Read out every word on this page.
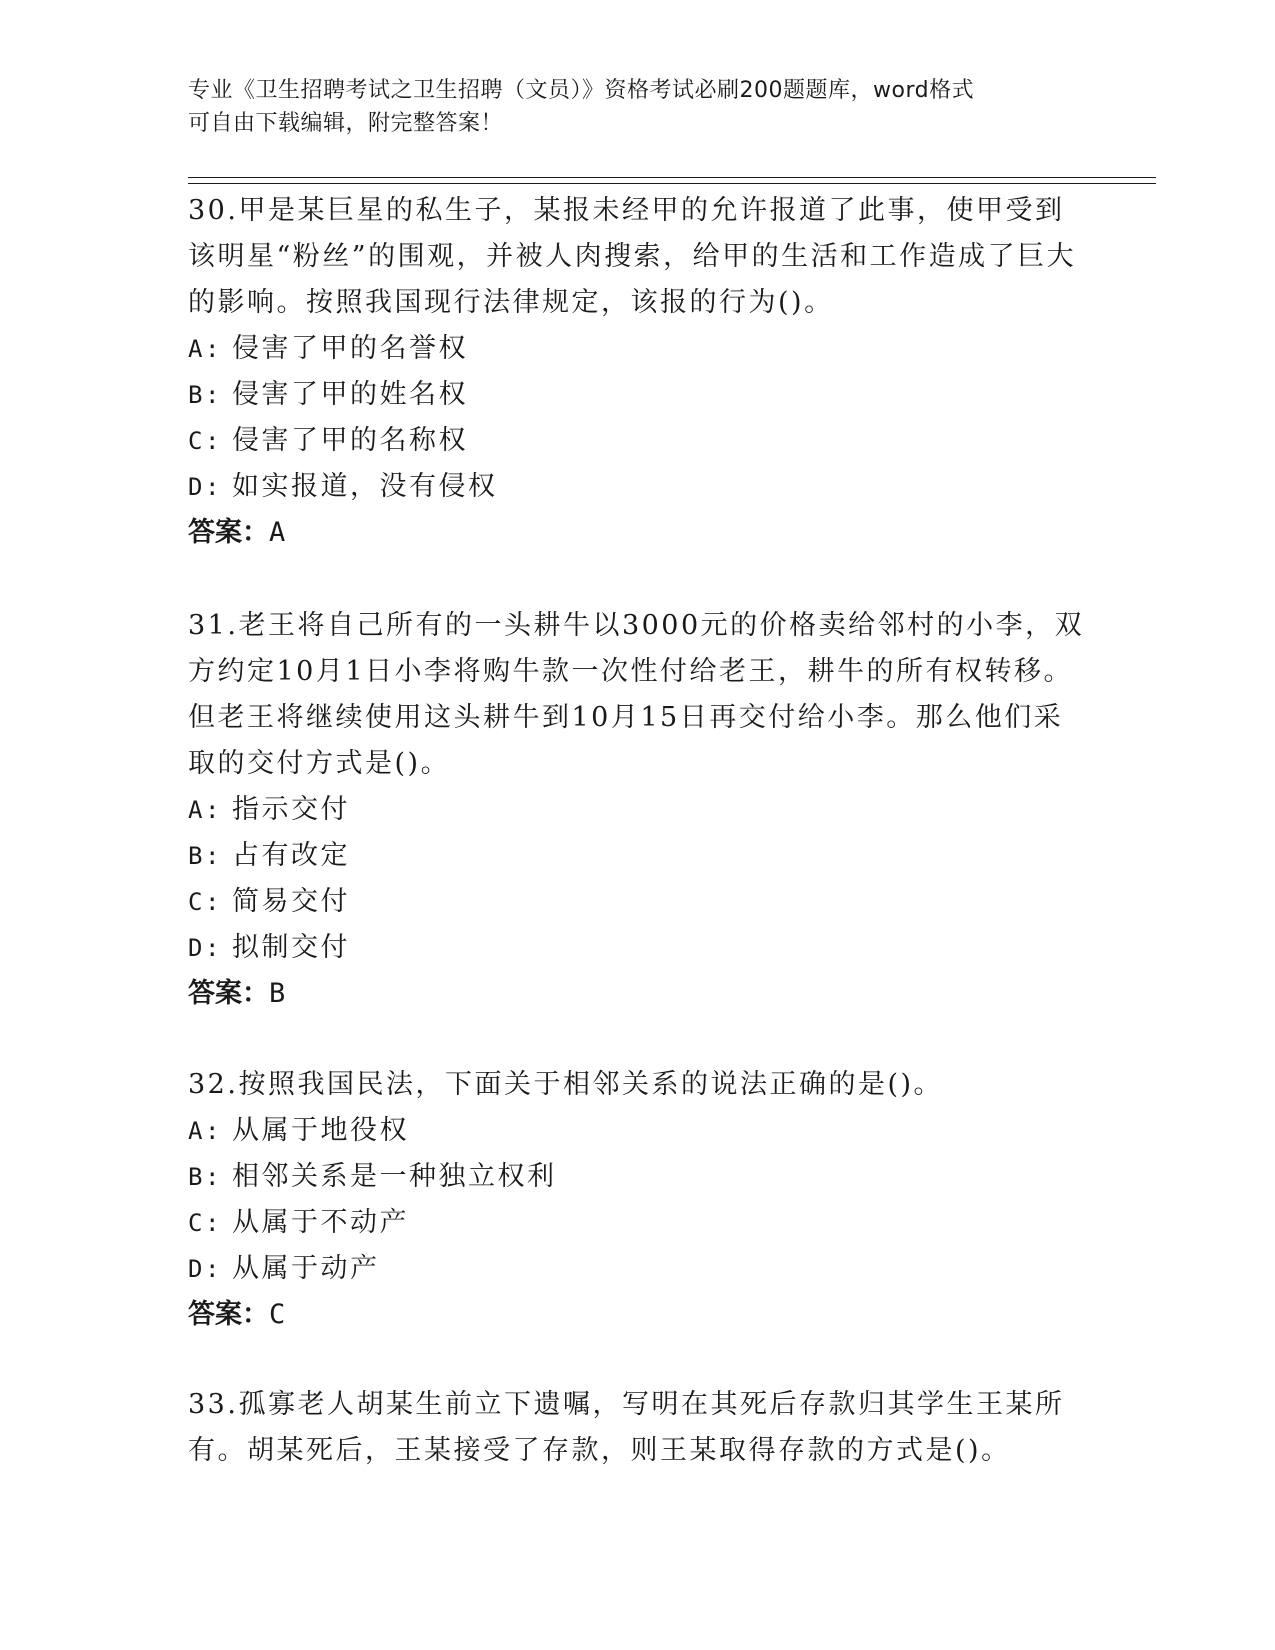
专业《卫生招聘考试之卫生招聘（文员）》资格考试必刷200题题库，word格式
可自由下载编辑，附完整答案！

30.甲是某巨星的私生子，某报未经甲的允许报道了此事，使甲受到该明星“粉丝”的围观，并被人肉搜索，给甲的生活和工作造成了巨大的影响。按照我国现行法律规定，该报的行为()。

A: 侵害了甲的名誉权

B: 侵害了甲的姓名权

C: 侵害了甲的名称权

D: 如实报道，没有侵权

答案：A

31.老王将自己所有的一头耕牛以3000元的价格卖给邻村的小李，双方约定10月1日小李将购牛款一次性付给老王，耕牛的所有权转移。但老王将继续使用这头耕牛到10月15日再交付给小李。那么他们采取的交付方式是()。

A: 指示交付

B: 占有改定

C: 简易交付

D: 拟制交付

答案：B

32.按照我国民法，下面关于相邻关系的说法正确的是()。

A: 从属于地役权

B: 相邻关系是一种独立权利

C: 从属于不动产

D: 从属于动产

答案：C

33.孤寡老人胡某生前立下遗嘱，写明在其死后存款归其学生王某所有。胡某死后，王某接受了存款，则王某取得存款的方式是()。
